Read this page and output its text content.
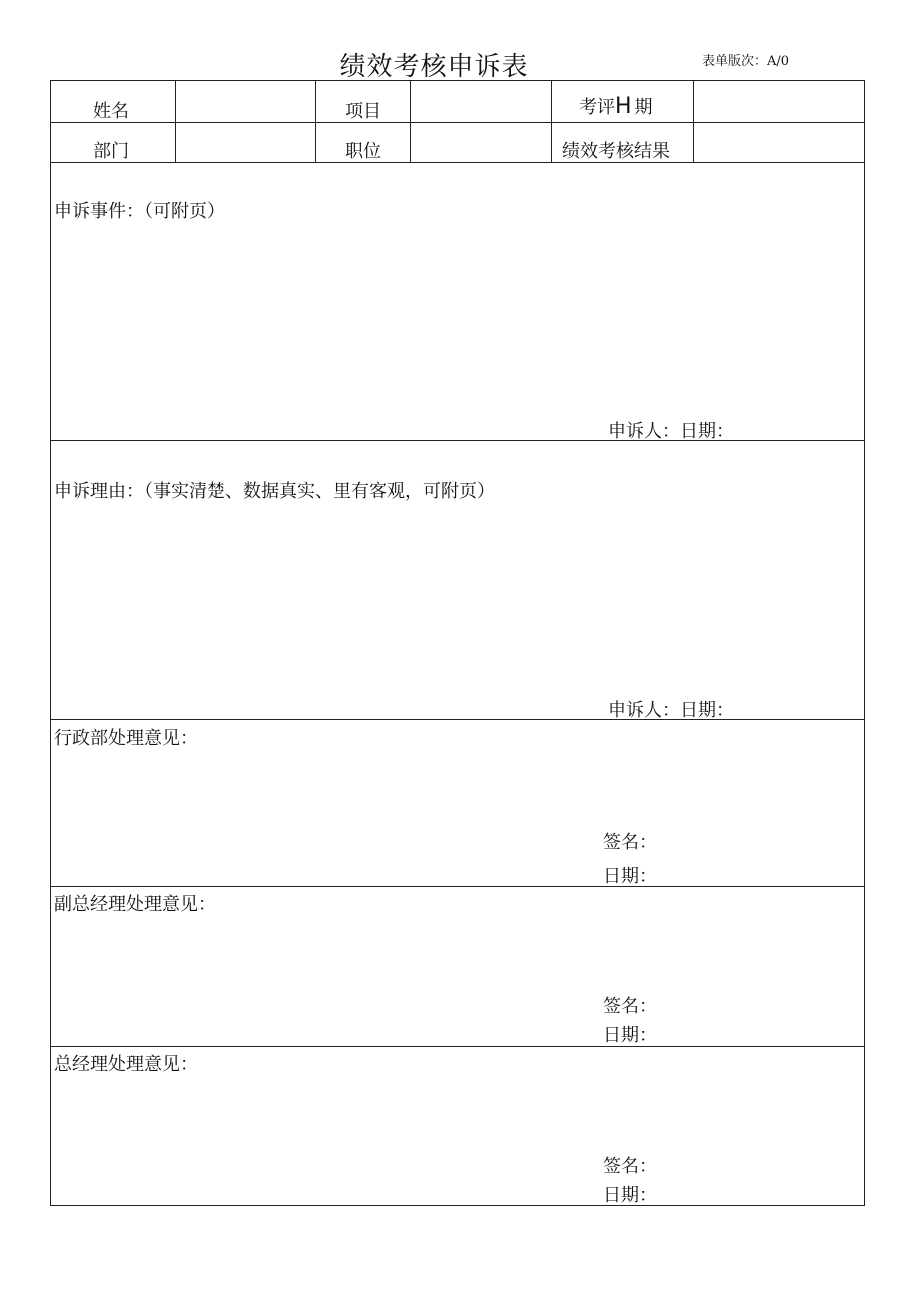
绩效考核申诉表	表单版次：A/0
姓名	项目	考评H 期
部门	职位	绩效考核结果
申诉事件：（可附页）
申诉人：日期：
申诉理由：（事实清楚、数据真实、里有客观，可附页）
申诉人：日期：
行政部处理意见：
签名：
日期：
副总经理处理意见：
签名：
日期：
总经理处理意见：
签名：
日期：
